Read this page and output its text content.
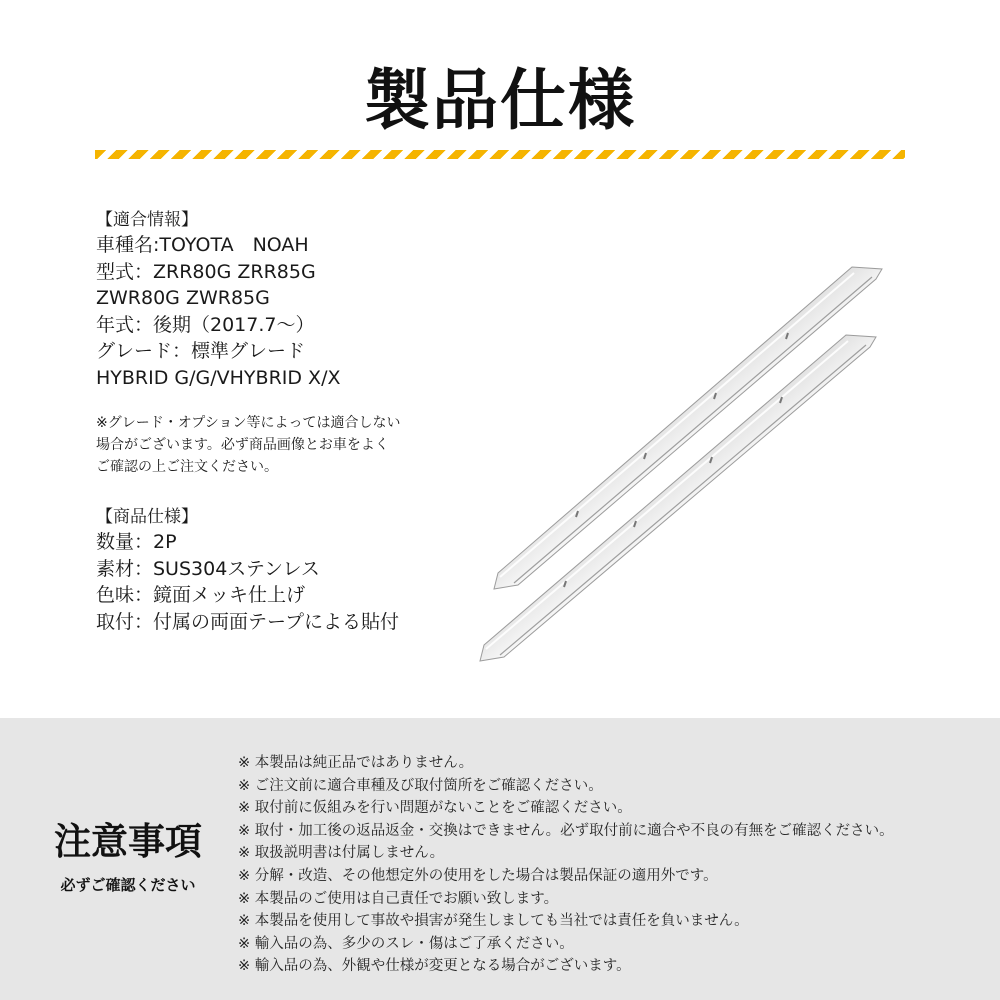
製品仕様
【適合情報】
車種名:TOYOTA　NOAH
型式：ZRR80G ZRR85G
ZWR80G ZWR85G
年式：後期（2017.7〜）
グレード：標準グレード
HYBRID G/G/VHYBRID X/X
※グレード・オプション等によっては適合しない
場合がございます。必ず商品画像とお車をよく
ご確認の上ご注文ください。
【商品仕様】
数量：2P
素材：SUS304ステンレス
色味：鏡面メッキ仕上げ
取付：付属の両面テープによる貼付
注意事項
必ずご確認ください
※ 本製品は純正品ではありません。
※ ご注文前に適合車種及び取付箇所をご確認ください。
※ 取付前に仮組みを行い問題がないことをご確認ください。
※ 取付・加工後の返品返金・交換はできません。必ず取付前に適合や不良の有無をご確認ください。
※ 取扱説明書は付属しません。
※ 分解・改造、その他想定外の使用をした場合は製品保証の適用外です。
※ 本製品のご使用は自己責任でお願い致します。
※ 本製品を使用して事故や損害が発生しましても当社では責任を負いません。
※ 輸入品の為、多少のスレ・傷はご了承ください。
※ 輸入品の為、外観や仕様が変更となる場合がございます。
